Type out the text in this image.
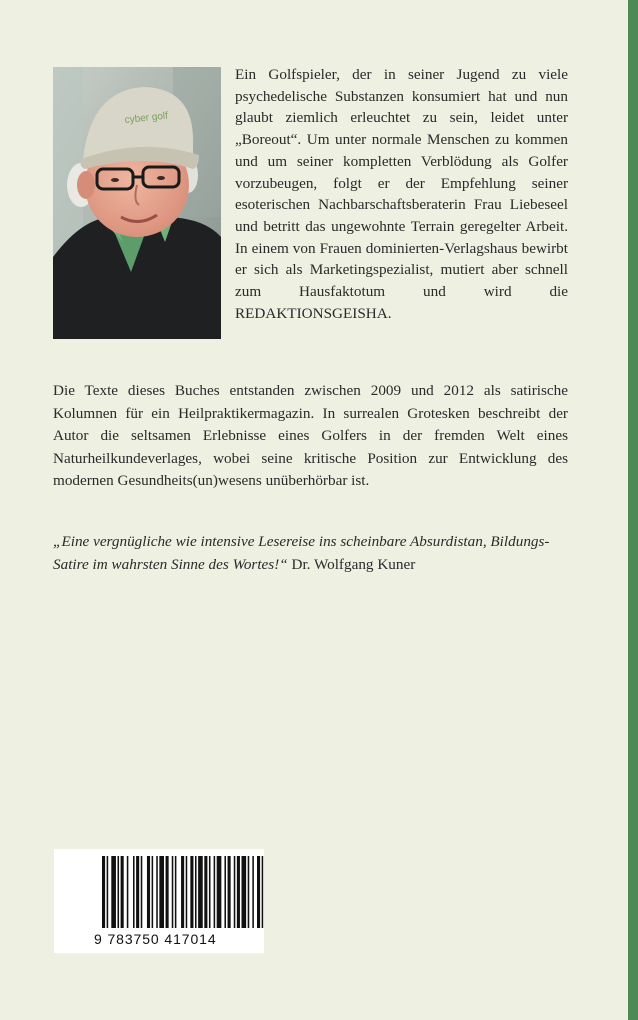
cyber golf

Ein Golfspieler, der in seiner Jugend zu viele psychedelische Substanzen konsumiert hat und nun glaubt ziemlich erleuchtet zu sein, leidet unter „Boreout“. Um unter normale Menschen zu kommen und um seiner kompletten Verblödung als Golfer vorzubeugen, folgt er der Empfehlung seiner esoterischen Nachbarschaftsberaterin Frau Liebeseel und betritt das ungewohnte Terrain geregelter Arbeit. In einem von Frauen dominierten-Verlagshaus bewirbt er sich als Marketingspezialist, mutiert aber schnell zum Hausfaktotum und wird die REDAKTIONSGEISHA.

Die Texte dieses Buches entstanden zwischen 2009 und 2012 als satirische Kolumnen für ein Heilpraktikermagazin. In surrealen Grotesken beschreibt der Autor die seltsamen Erlebnisse eines Golfers in der fremden Welt eines Naturheilkundeverlages, wobei seine kritische Position zur Entwicklung des modernen Gesundheits(un)wesens unüberhörbar ist.

„Eine vergnügliche wie intensive Lesereise ins scheinbare Absurdistan, Bildungs-Satire im wahrsten Sinne des Wortes!“ Dr. Wolfgang Kuner

9 783750 417014
